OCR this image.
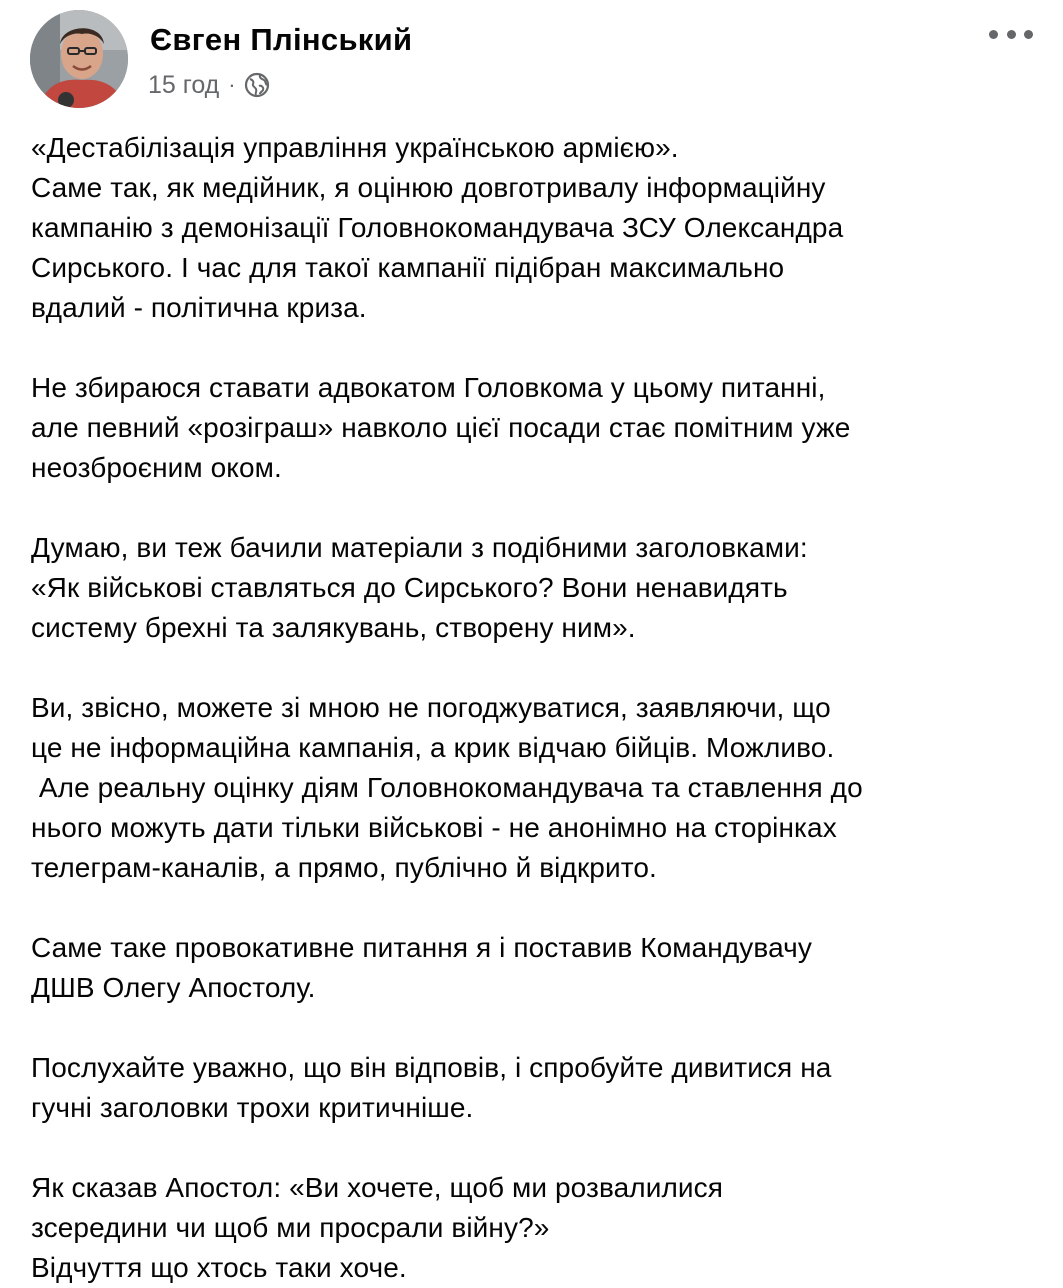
Євген Плінський
15 год ·

«Дестабілізація управління українською армією».
Саме так, як медійник, я оцінюю довготривалу інформаційну
кампанію з демонізації Головнокомандувача ЗСУ Олександра
Сирського. І час для такої кампанії підібран максимально
вдалий - політична криза.

Не збираюся ставати адвокатом Головкома у цьому питанні,
але певний «розіграш» навколо цієї посади стає помітним уже
неозброєним оком.

Думаю, ви теж бачили матеріали з подібними заголовками:
«Як військові ставляться до Сирського? Вони ненавидять
систему брехні та залякувань, створену ним».

Ви, звісно, можете зі мною не погоджуватися, заявляючи, що
це не інформаційна кампанія, а крик відчаю бійців. Можливо.
Але реальну оцінку діям Головнокомандувача та ставлення до
нього можуть дати тільки військові - не анонімно на сторінках
телеграм-каналів, а прямо, публічно й відкрито.

Саме таке провокативне питання я і поставив Командувачу
ДШВ Олегу Апостолу.

Послухайте уважно, що він відповів, і спробуйте дивитися на
гучні заголовки трохи критичніше.

Як сказав Апостол: «Ви хочете, щоб ми розвалилися
зсередини чи щоб ми просрали війну?»
Відчуття що хтось таки хоче.
